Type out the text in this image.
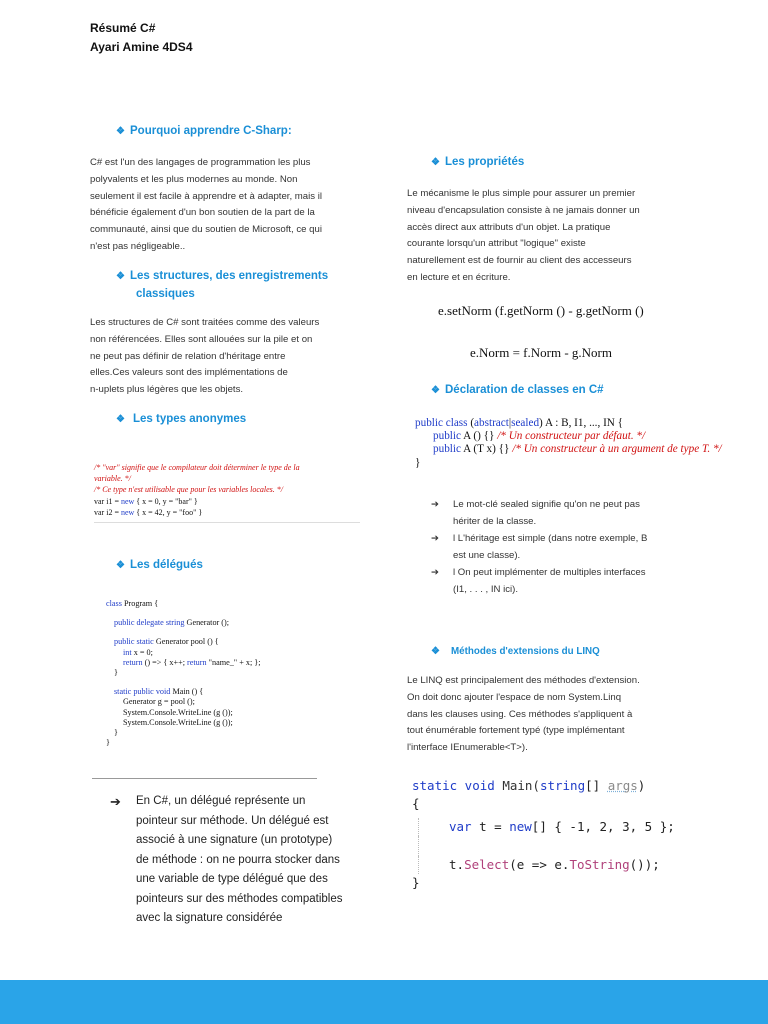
Résumé C#
Ayari Amine 4DS4
❖ Pourquoi apprendre C-Sharp:
C# est l'un des langages de programmation les plus
polyvalents et les plus modernes au monde. Non
seulement il est facile à apprendre et à adapter, mais il
bénéficie également d'un bon soutien de la part de la
communauté, ainsi que du soutien de Microsoft, ce qui
n'est pas négligeable..
❖ Les structures, des enregistrements
classiques
Les structures de C# sont traitées comme des valeurs
non référencées. Elles sont allouées sur la pile et on
ne peut pas définir de relation d'héritage entre
elles.Ces valeurs sont des implémentations de
n-uplets plus légères que les objets.
❖ Les types anonymes
/* "var" signifie que le compilateur doit déterminer le type de la
variable. */
/* Ce type n'est utilisable que pour les variables locales. */
var i1 = new { x = 0, y = "bar" }
var i2 = new { x = 42, y = "foo" }
❖ Les délégués
class Program {
public delegate string Generator ();
public static Generator pool () {
int x = 0;
return () => { x++; return "name_" + x; };
}
static public void Main () {
Generator g = pool ();
System.Console.WriteLine (g ());
System.Console.WriteLine (g ());
}
}
➔ En C#, un délégué représente un
pointeur sur méthode. Un délégué est
associé à une signature (un prototype)
de méthode : on ne pourra stocker dans
une variable de type délégué que des
pointeurs sur des méthodes compatibles
avec la signature considérée
❖ Les propriétés
Le mécanisme le plus simple pour assurer un premier
niveau d'encapsulation consiste à ne jamais donner un
accès direct aux attributs d'un objet. La pratique
courante lorsqu'un attribut "logique" existe
naturellement est de fournir au client des accesseurs
en lecture et en écriture.
e.setNorm (f.getNorm () - g.getNorm ()
e.Norm = f.Norm - g.Norm
❖ Déclaration de classes en C#
public class (abstract|sealed) A : B, I1, ..., IN {
public A () {} /* Un constructeur par défaut. */
public A (T x) {} /* Un constructeur à un argument de type T. */
}
➔ Le mot-clé sealed signifie qu'on ne peut pas
hériter de la classe.
➔ l L'héritage est simple (dans notre exemple, B
est une classe).
➔ l On peut implémenter de multiples interfaces
(I1, . . . , IN ici).
❖ Méthodes d'extensions du LINQ
Le LINQ est principalement des méthodes d'extension.
On doit donc ajouter l'espace de nom System.Linq
dans les clauses using. Ces méthodes s'appliquent à
tout énumérable fortement typé (type implémentant
l'interface IEnumerable<T>).
static void Main(string[] args)
{
var t = new[] { -1, 2, 3, 5 };
t.Select(e => e.ToString());
}
